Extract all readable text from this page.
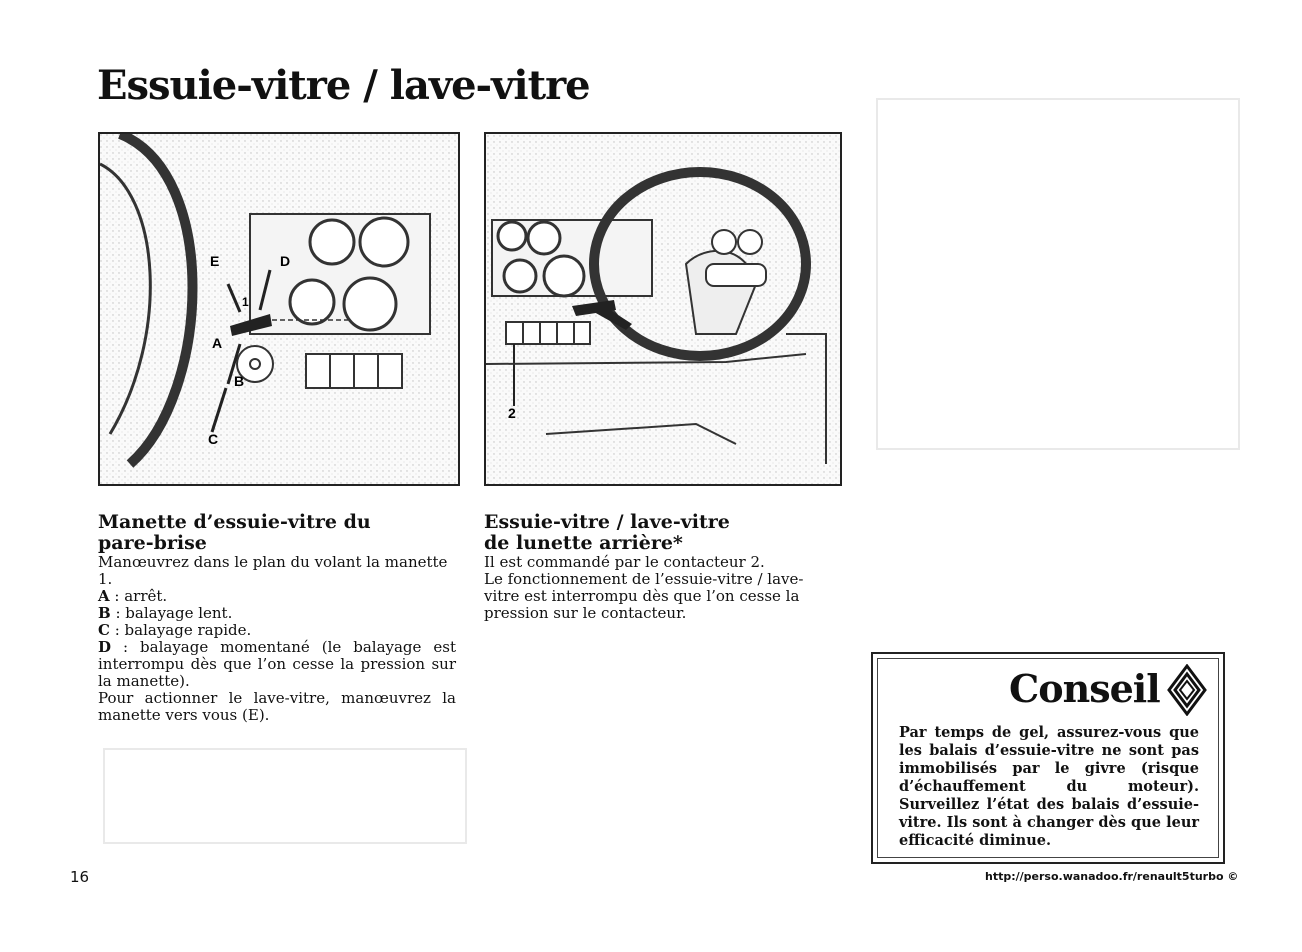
Essuie-vitre / lave-vitre
E	D
A
B
C
1
2
Manette d’essuie-vitre du
pare-brise

Manœuvrez dans le plan du volant la manette 1.

A : arrêt.

B : balayage lent.

C : balayage rapide.

D : balayage momentané (le balayage est interrompu dès que l’on cesse la pression sur la manette).

Pour actionner le lave-vitre, manœuvrez la manette vers vous (E).

Essuie-vitre / lave-vitre
de lunette arrière*

Il est commandé par le contacteur 2.

Le fonctionnement de l’essuie-vitre / lave-vitre est interrompu dès que l’on cesse la pression sur le contacteur.

Conseil
Par temps de gel, assurez-vous que les balais d’essuie-vitre ne sont pas immobilisés par le givre (risque d’échauffement du moteur). Surveillez l’état des balais d’essuie-vitre. Ils sont à changer dès que leur efficacité diminue.
16	http://perso.wanadoo.fr/renault5turbo ©
